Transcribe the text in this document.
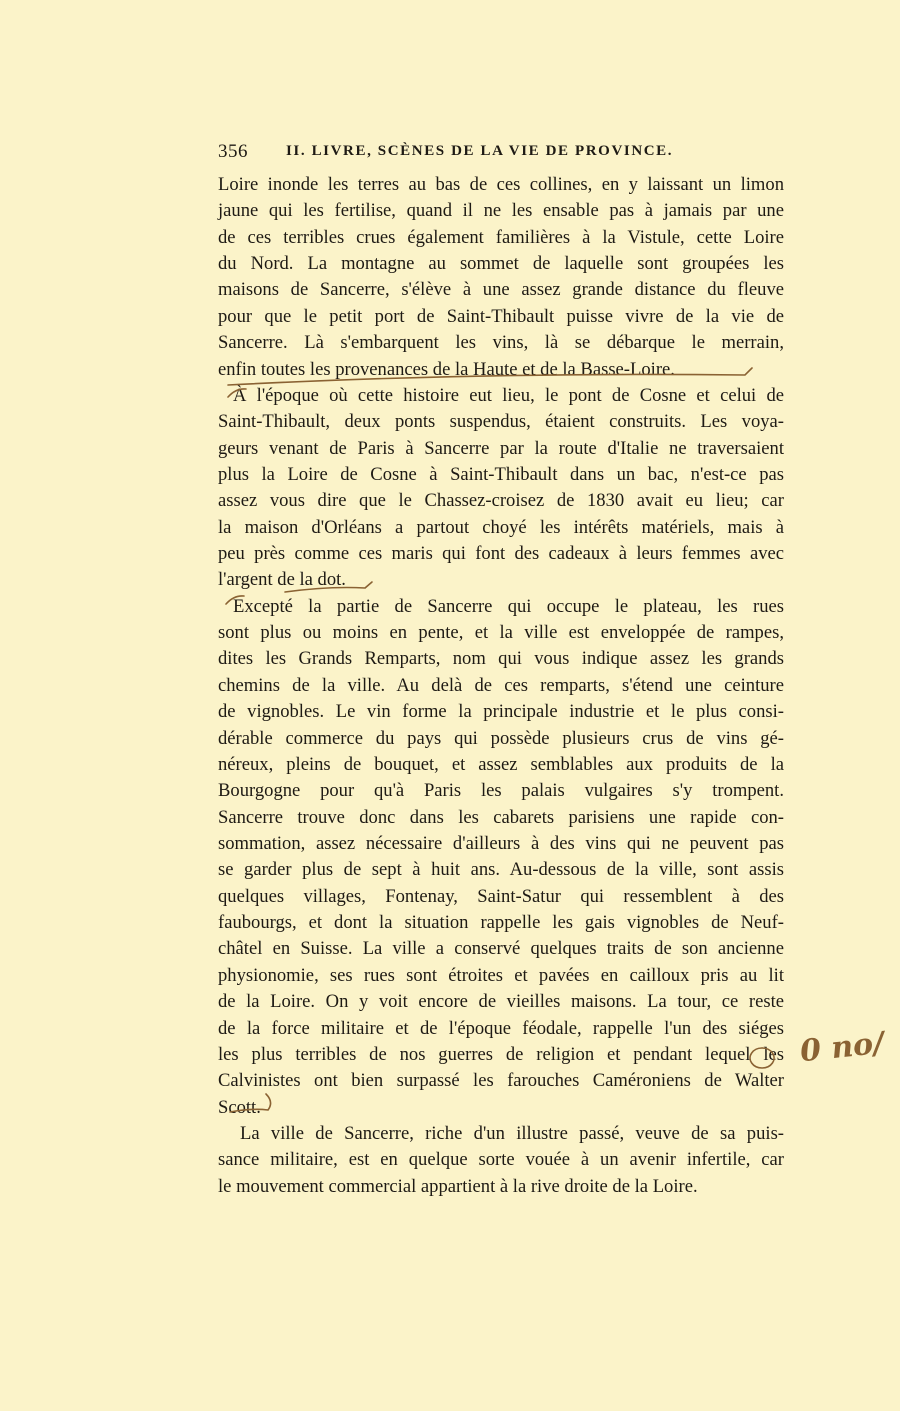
356	II. LIVRE, SCÈNES DE LA VIE DE PROVINCE.
Loire inonde les terres au bas de ces collines, en y laissant un limon
jaune qui les fertilise, quand il ne les ensable pas à jamais par une
de ces terribles crues également familières à la Vistule, cette Loire
du Nord. La montagne au sommet de laquelle sont groupées les
maisons de Sancerre, s'élève à une assez grande distance du fleuve
pour que le petit port de Saint-Thibault puisse vivre de la vie de
Sancerre. Là s'embarquent les vins, là se débarque le merrain,
enfin toutes les provenances de la Haute et de la Basse-Loire.
À l'époque où cette histoire eut lieu, le pont de Cosne et celui de
Saint-Thibault, deux ponts suspendus, étaient construits. Les voya-
geurs venant de Paris à Sancerre par la route d'Italie ne traversaient
plus la Loire de Cosne à Saint-Thibault dans un bac, n'est-ce pas
assez vous dire que le Chassez-croisez de 1830 avait eu lieu; car
la maison d'Orléans a partout choyé les intérêts matériels, mais à
peu près comme ces maris qui font des cadeaux à leurs femmes avec
l'argent de la dot.
Excepté la partie de Sancerre qui occupe le plateau, les rues
sont plus ou moins en pente, et la ville est enveloppée de rampes,
dites les Grands Remparts, nom qui vous indique assez les grands
chemins de la ville. Au delà de ces remparts, s'étend une ceinture
de vignobles. Le vin forme la principale industrie et le plus consi-
dérable commerce du pays qui possède plusieurs crus de vins gé-
néreux, pleins de bouquet, et assez semblables aux produits de la
Bourgogne pour qu'à Paris les palais vulgaires s'y trompent.
Sancerre trouve donc dans les cabarets parisiens une rapide con-
sommation, assez nécessaire d'ailleurs à des vins qui ne peuvent pas
se garder plus de sept à huit ans. Au-dessous de la ville, sont assis
quelques villages, Fontenay, Saint-Satur qui ressemblent à des
faubourgs, et dont la situation rappelle les gais vignobles de Neuf-
châtel en Suisse. La ville a conservé quelques traits de son ancienne
physionomie, ses rues sont étroites et pavées en cailloux pris au lit
de la Loire. On y voit encore de vieilles maisons. La tour, ce reste
de la force militaire et de l'époque féodale, rappelle l'un des siéges
les plus terribles de nos guerres de religion et pendant lequel les
Calvinistes ont bien surpassé les farouches Caméroniens de Walter
Scott.
La ville de Sancerre, riche d'un illustre passé, veuve de sa puis-
sance militaire, est en quelque sorte vouée à un avenir infertile, car
le mouvement commercial appartient à la rive droite de la Loire.
0 no/
